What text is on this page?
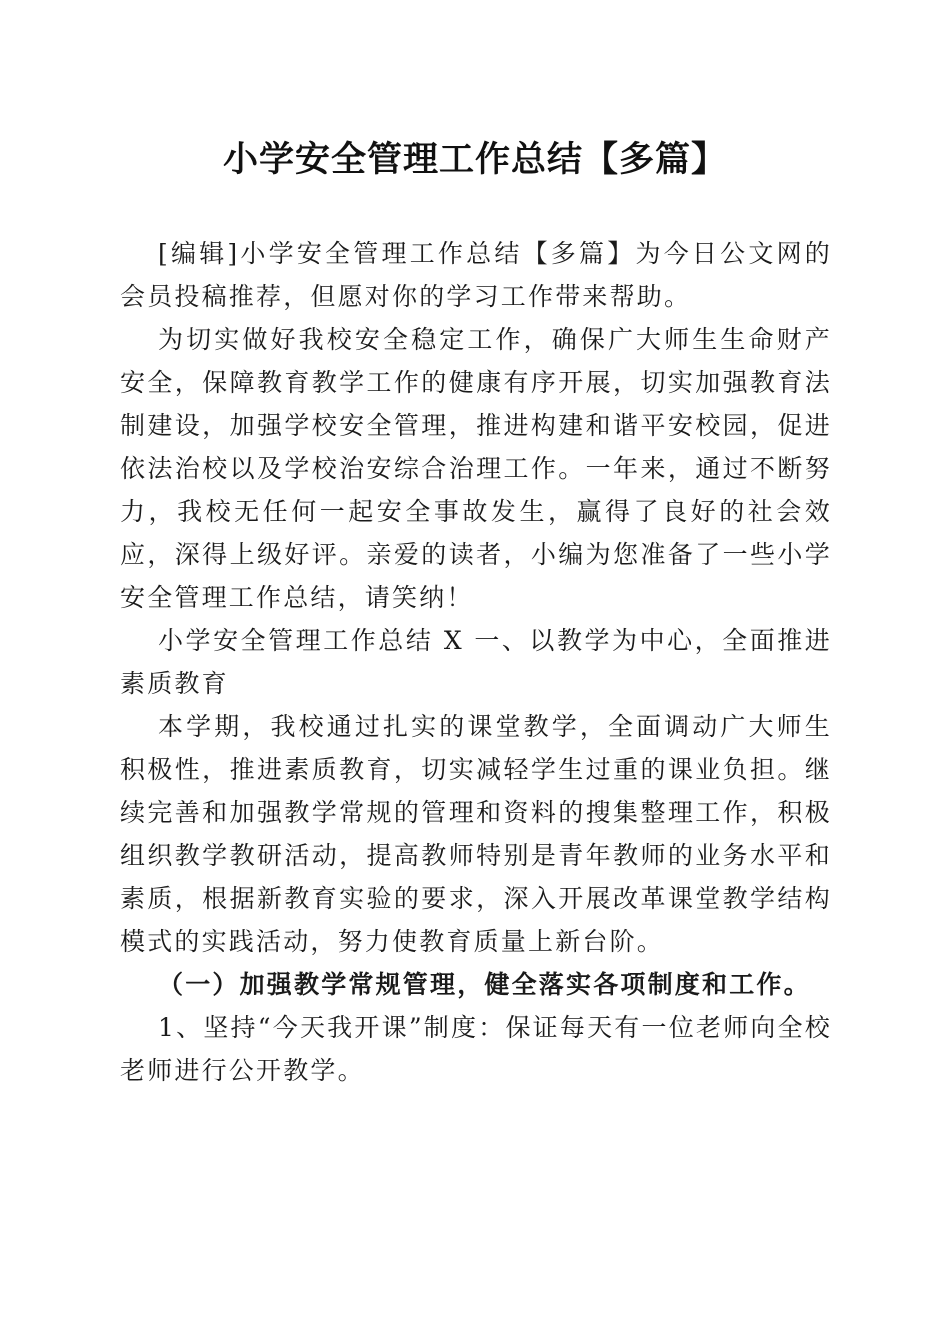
小学安全管理工作总结【多篇】

[编辑]小学安全管理工作总结【多篇】为今日公文网的会员投稿推荐，但愿对你的学习工作带来帮助。

为切实做好我校安全稳定工作，确保广大师生生命财产安全，保障教育教学工作的健康有序开展，切实加强教育法制建设，加强学校安全管理，推进构建和谐平安校园，促进依法治校以及学校治安综合治理工作。一年来，通过不断努力，我校无任何一起安全事故发生，赢得了良好的社会效应，深得上级好评。亲爱的读者，小编为您准备了一些小学安全管理工作总结，请笑纳！

小学安全管理工作总结 X 一、以教学为中心，全面推进素质教育

本学期，我校通过扎实的课堂教学，全面调动广大师生积极性，推进素质教育，切实减轻学生过重的课业负担。继续完善和加强教学常规的管理和资料的搜集整理工作，积极组织教学教研活动，提高教师特别是青年教师的业务水平和素质，根据新教育实验的要求，深入开展改革课堂教学结构模式的实践活动，努力使教育质量上新台阶。

（一）加强教学常规管理，健全落实各项制度和工作。

1、坚持“今天我开课”制度：保证每天有一位老师向全校老师进行公开教学。
